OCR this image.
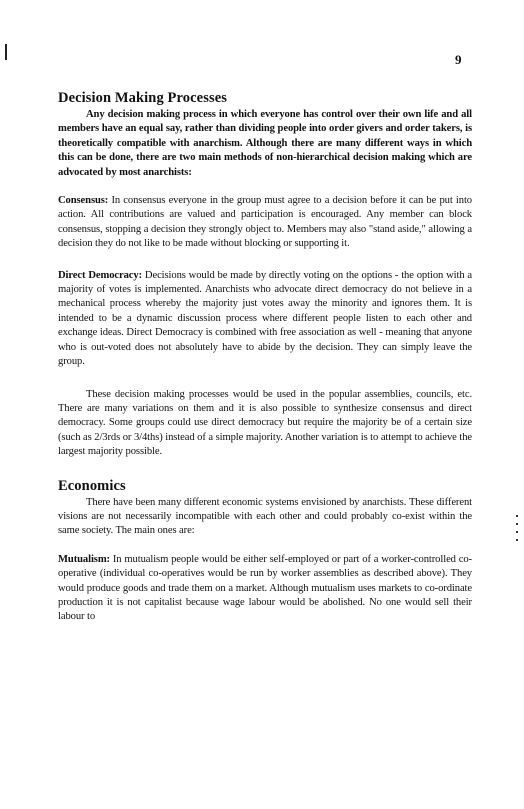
9
Decision Making Processes

Any decision making process in which everyone has control over their own life and all members have an equal say, rather than dividing people into order givers and order takers, is theoretically compatible with anarchism. Although there are many different ways in which this can be done, there are two main methods of non-hierarchical decision making which are advocated by most anarchists:

Consensus: In consensus everyone in the group must agree to a decision before it can be put into action. All contributions are valued and participation is encouraged. Any member can block consensus, stopping a decision they strongly object to. Members may also "stand aside," allowing a decision they do not like to be made without blocking or supporting it.

Direct Democracy: Decisions would be made by directly voting on the options - the option with a majority of votes is implemented. Anarchists who advocate direct democracy do not believe in a mechanical process whereby the majority just votes away the minority and ignores them. It is intended to be a dynamic discussion process where different people listen to each other and exchange ideas. Direct Democracy is combined with free association as well - meaning that anyone who is out-voted does not absolutely have to abide by the decision. They can simply leave the group.

These decision making processes would be used in the popular assemblies, councils, etc. There are many variations on them and it is also possible to synthesize consensus and direct democracy. Some groups could use direct democracy but require the majority be of a certain size (such as 2/3rds or 3/4ths) instead of a simple majority. Another variation is to attempt to achieve the largest majority possible.

Economics

There have been many different economic systems envisioned by anarchists. These different visions are not necessarily incompatible with each other and could probably co-exist within the same society. The main ones are:

Mutualism: In mutualism people would be either self-employed or part of a worker-controlled co-operative (individual co-operatives would be run by worker assemblies as described above). They would produce goods and trade them on a market. Although mutualism uses markets to co-ordinate production it is not capitalist because wage labour would be abolished. No one would sell their labour to
